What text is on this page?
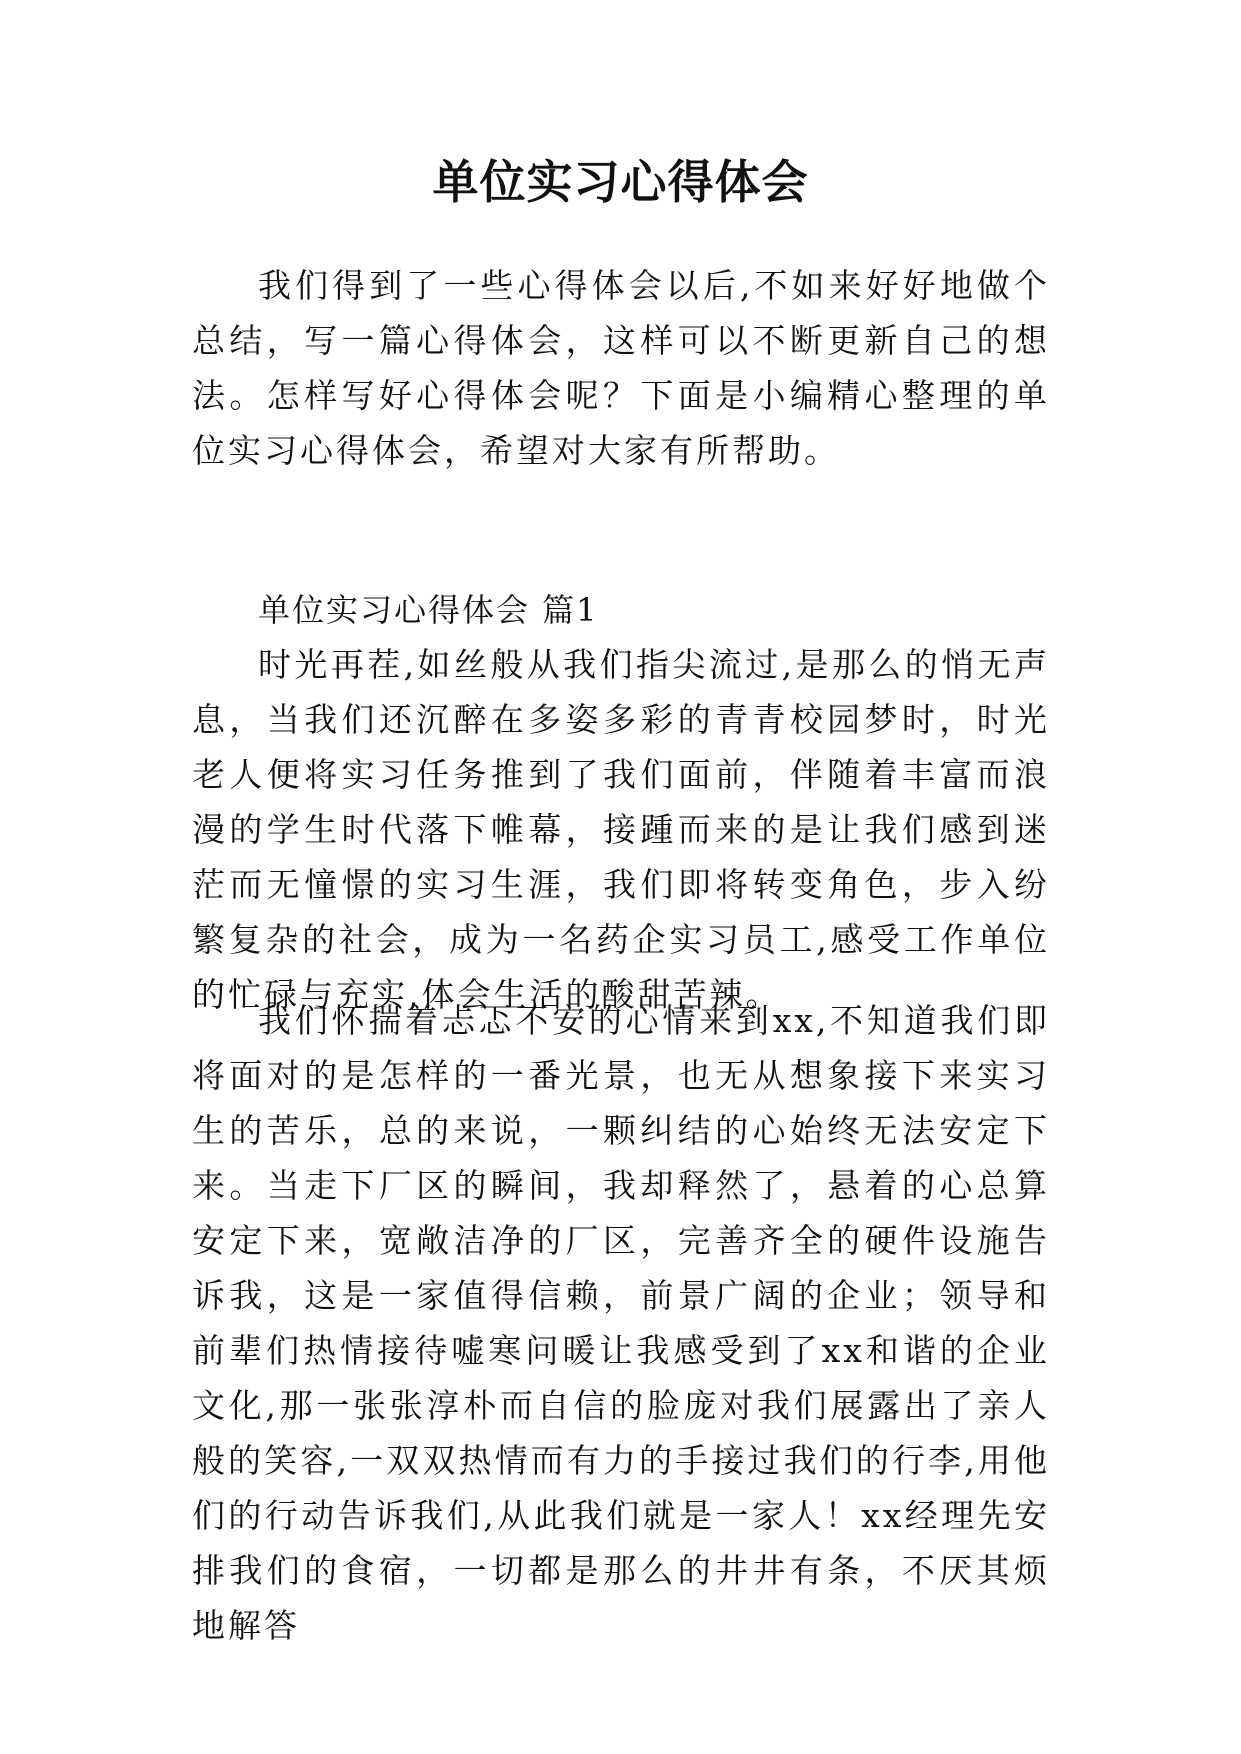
单位实习心得体会

我们得到了一些心得体会以后,不如来好好地做个总结，写一篇心得体会，这样可以不断更新自己的想法。怎样写好心得体会呢？下面是小编精心整理的单位实习心得体会，希望对大家有所帮助。

单位实习心得体会 篇1

时光再茬,如丝般从我们指尖流过,是那么的悄无声息，当我们还沉醉在多姿多彩的青青校园梦时，时光老人便将实习任务推到了我们面前，伴随着丰富而浪漫的学生时代落下帷幕，接踵而来的是让我们感到迷茫而无憧憬的实习生涯，我们即将转变角色，步入纷繁复杂的社会，成为一名药企实习员工,感受工作单位的忙碌与充实,体会生活的酸甜苦辣。

我们怀揣着忐忑不安的心情来到xx,不知道我们即将面对的是怎样的一番光景，也无从想象接下来实习生的苦乐，总的来说，一颗纠结的心始终无法安定下来。当走下厂区的瞬间，我却释然了，悬着的心总算安定下来，宽敞洁净的厂区，完善齐全的硬件设施告诉我，这是一家值得信赖，前景广阔的企业；领导和前辈们热情接待嘘寒问暖让我感受到了xx和谐的企业文化,那一张张淳朴而自信的脸庞对我们展露出了亲人般的笑容,一双双热情而有力的手接过我们的行李,用他们的行动告诉我们,从此我们就是一家人！xx经理先安排我们的食宿，一切都是那么的井井有条，不厌其烦地解答
